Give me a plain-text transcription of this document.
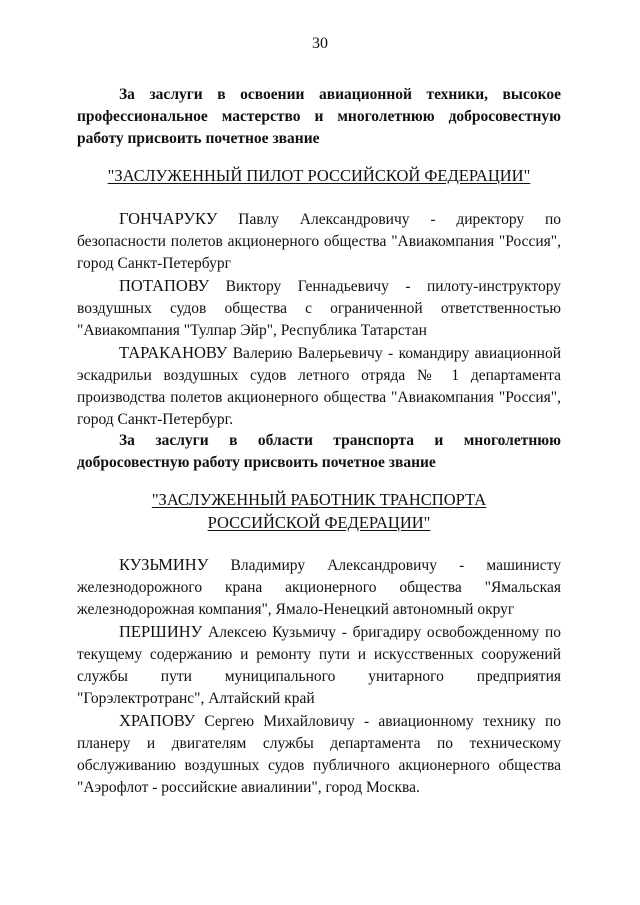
30

За заслуги в освоении авиационной техники, высокое профессиональное мастерство и многолетнюю добросовестную работу присвоить почетное звание

"ЗАСЛУЖЕННЫЙ ПИЛОТ РОССИЙСКОЙ ФЕДЕРАЦИИ"

ГОНЧАРУКУ Павлу Александровичу - директору по безопасности полетов акционерного общества "Авиакомпания "Россия", город Санкт-Петербург

ПОТАПОВУ Виктору Геннадьевичу - пилоту-инструктору воздушных судов общества с ограниченной ответственностью "Авиакомпания "Тулпар Эйр", Республика Татарстан

ТАРАКАНОВУ Валерию Валерьевичу - командиру авиационной эскадрильи воздушных судов летного отряда № 1 департамента производства полетов акционерного общества "Авиакомпания "Россия", город Санкт-Петербург.

За заслуги в области транспорта и многолетнюю добросовестную работу присвоить почетное звание

"ЗАСЛУЖЕННЫЙ РАБОТНИК ТРАНСПОРТА

РОССИЙСКОЙ ФЕДЕРАЦИИ"

КУЗЬМИНУ Владимиру Александровичу - машинисту железнодорожного крана акционерного общества "Ямальская железнодорожная компания", Ямало-Ненецкий автономный округ

ПЕРШИНУ Алексею Кузьмичу - бригадиру освобожденному по текущему содержанию и ремонту пути и искусственных сооружений службы пути муниципального унитарного предприятия "Горэлектротранс", Алтайский край

ХРАПОВУ Сергею Михайловичу - авиационному технику по планеру и двигателям службы департамента по техническому обслуживанию воздушных судов публичного акционерного общества "Аэрофлот - российские авиалинии", город Москва.
